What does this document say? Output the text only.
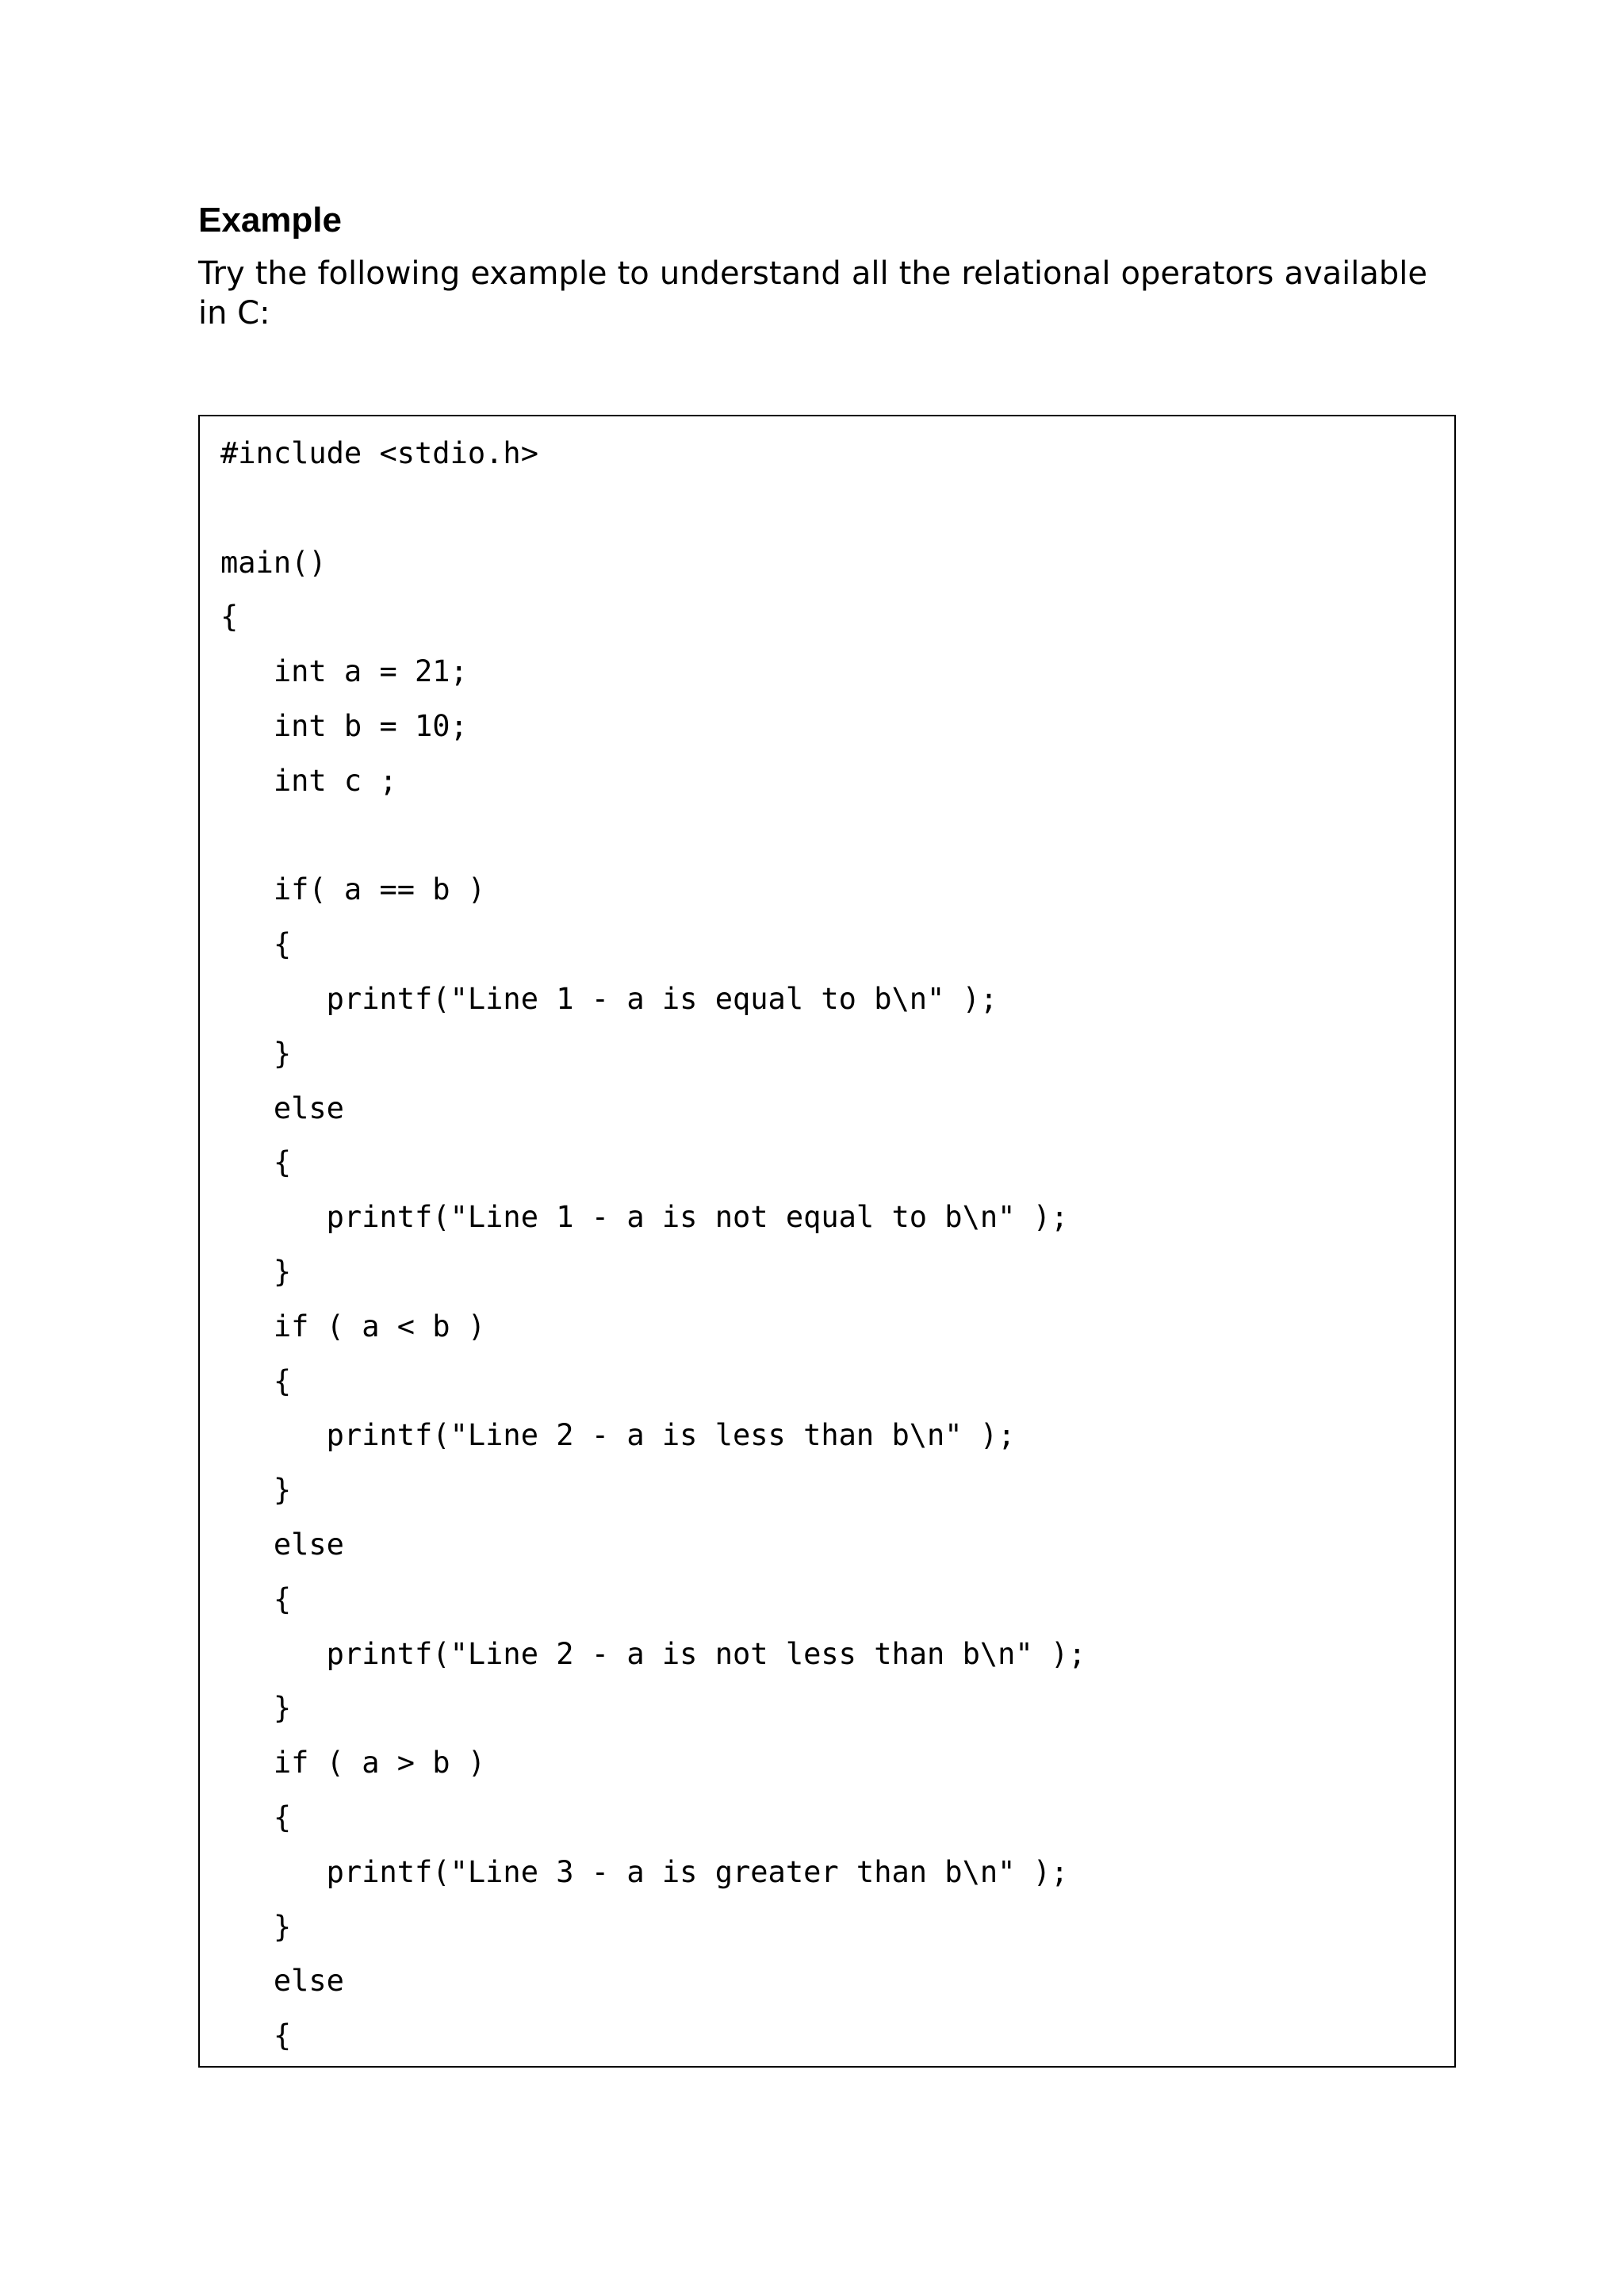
Example

Try the following example to understand all the relational operators available in C:

#include <stdio.h>
main()
{
int a = 21;
int b = 10;
int c ;
if( a == b )
{
printf("Line 1 - a is equal to b\n" );
}
else
{
printf("Line 1 - a is not equal to b\n" );
}
if ( a < b )
{
printf("Line 2 - a is less than b\n" );
}
else
{
printf("Line 2 - a is not less than b\n" );
}
if ( a > b )
{
printf("Line 3 - a is greater than b\n" );
}
else
{
